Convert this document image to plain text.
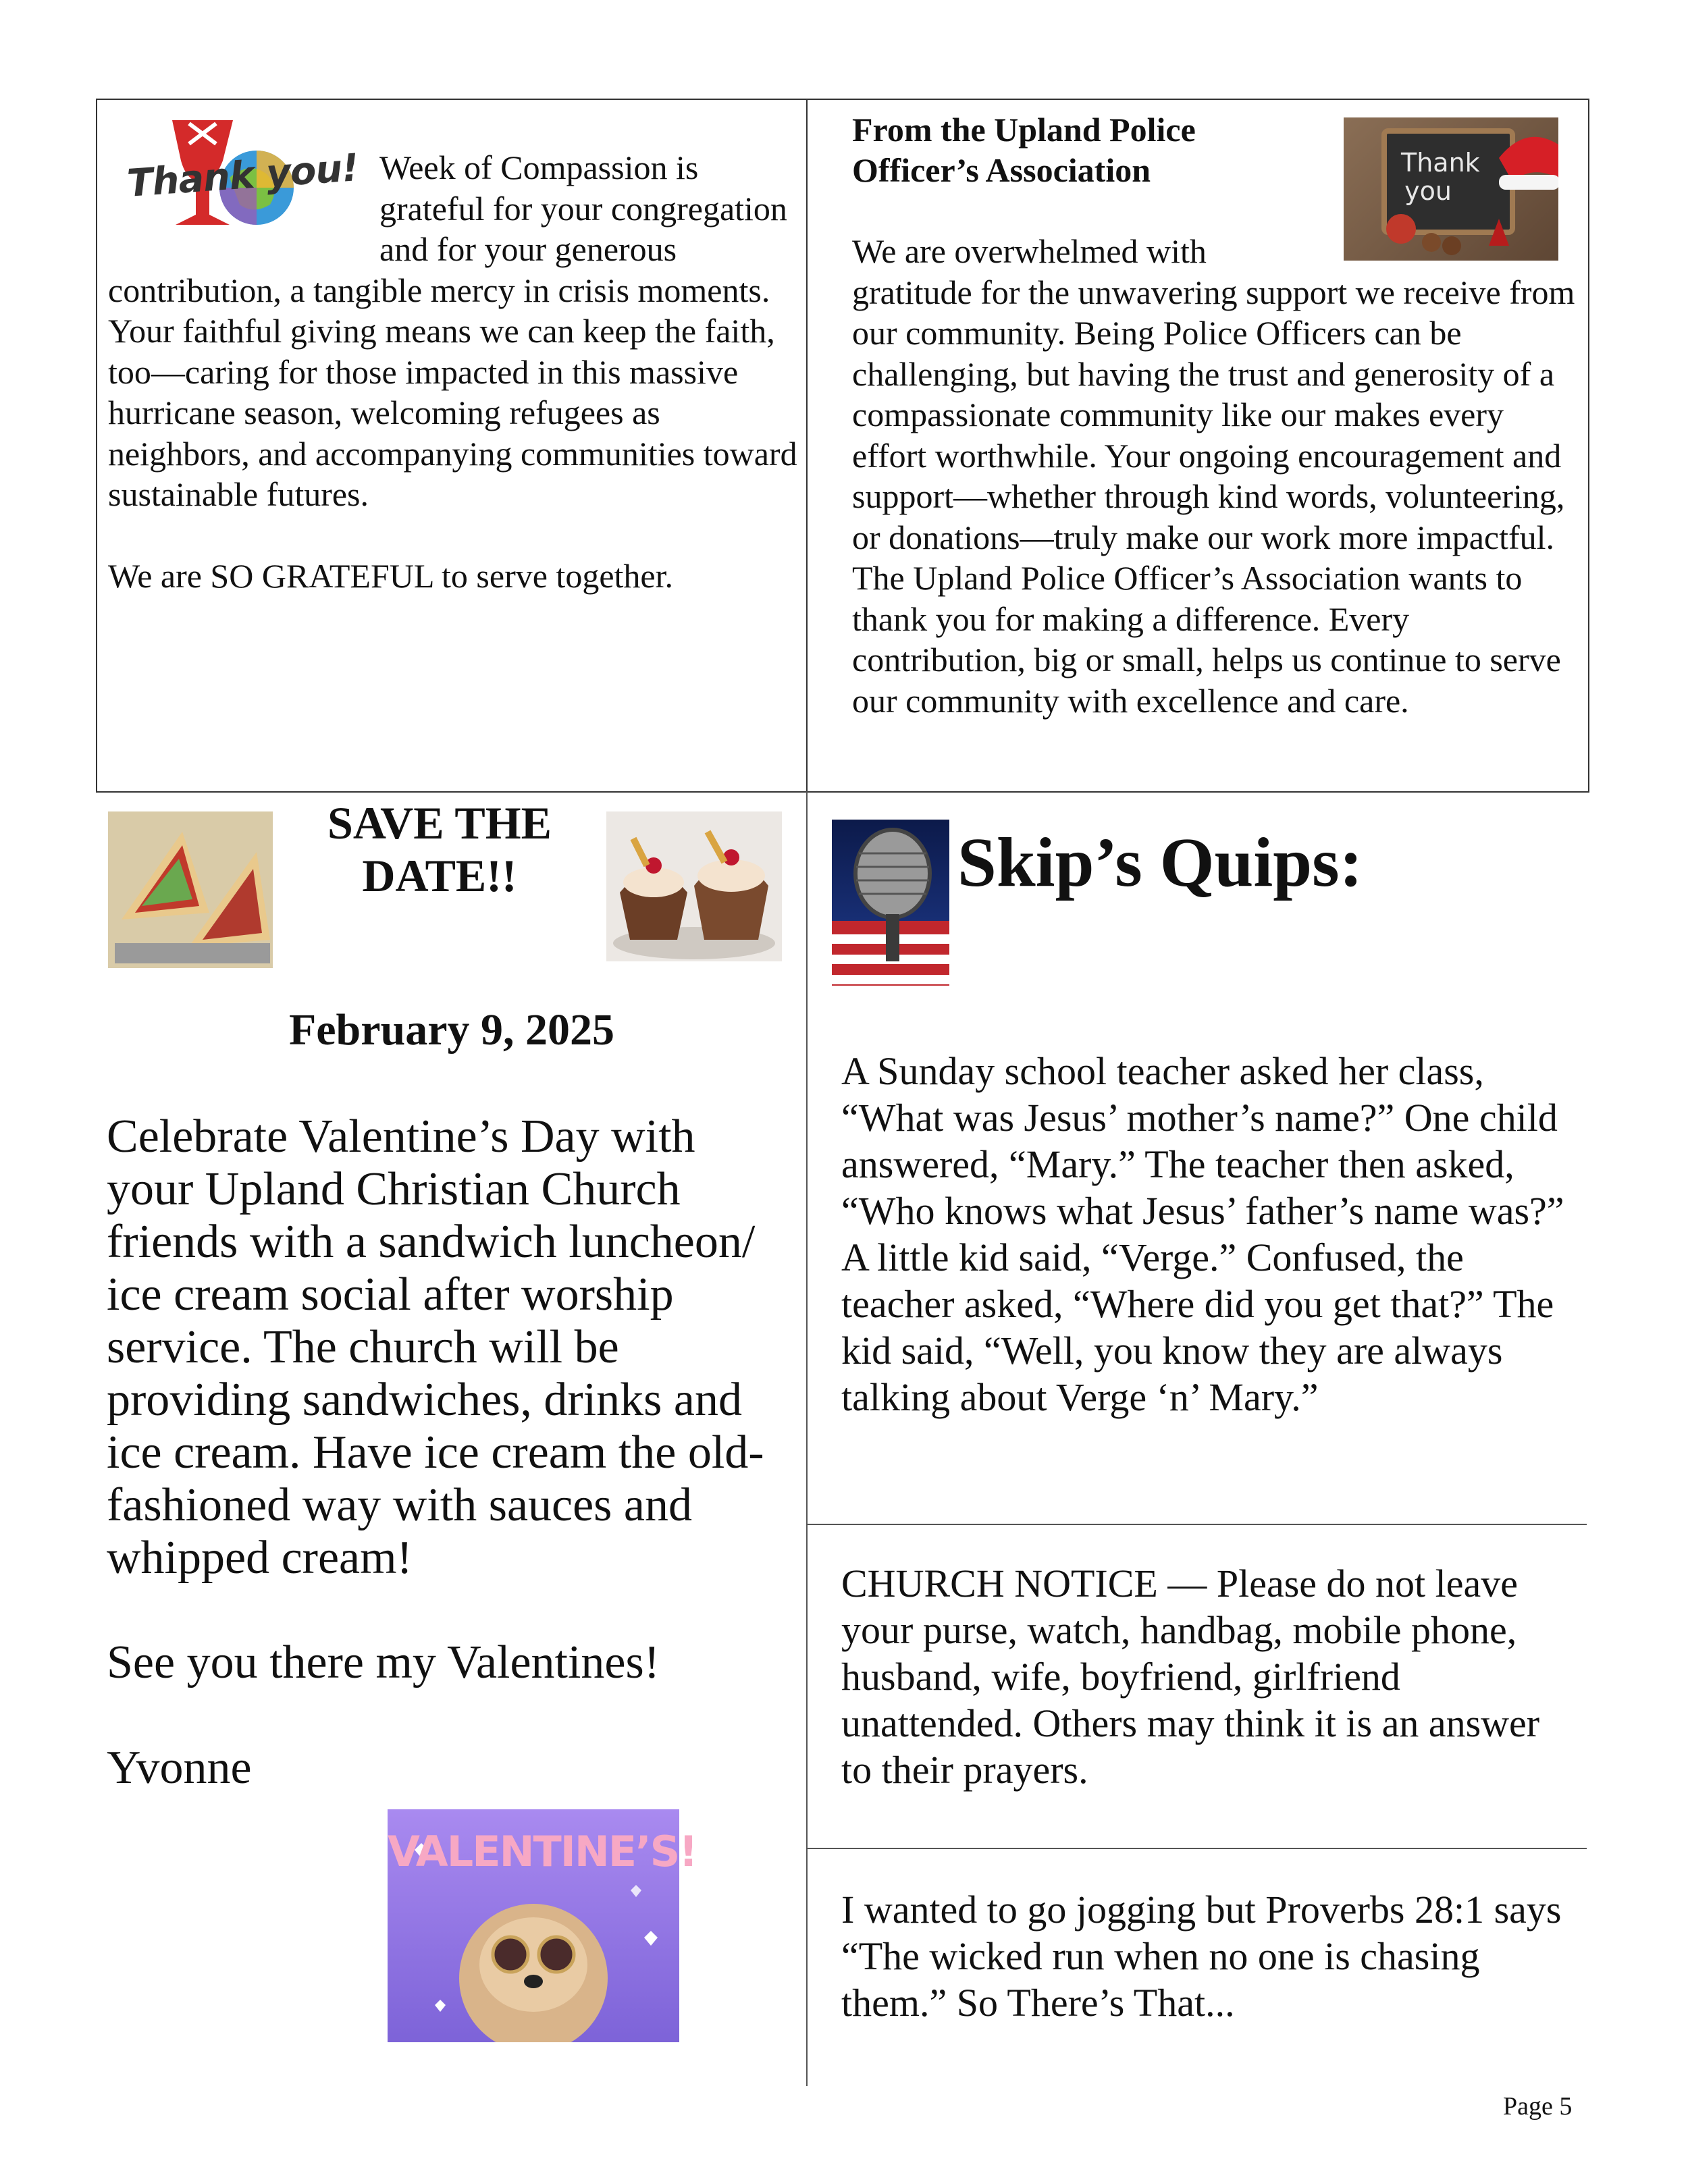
Thank you! Week of Compassion is grateful for your congregation and for your generous contribution, a tangible mercy in crisis moments. Your faithful giving means we can keep the faith, too—caring for those impacted in this massive hurricane season, welcoming refugees as neighbors, and accompanying communities toward sustainable futures.

We are SO GRATEFUL to serve together.

Thank you
From the Upland Police Officer’s Association

We are overwhelmed with gratitude for the unwavering support we receive from our community. Being Police Officers can be challenging, but having the trust and generosity of a compassionate community like our makes every effort worthwhile. Your ongoing encouragement and support—whether through kind words, volunteering, or donations—truly make our work more impactful. The Upland Police Officer’s Association wants to thank you for making a difference. Every contribution, big or small, helps us continue to serve our community with excellence and care.

SAVE THE
DATE!!
February 9, 2025
Celebrate Valentine’s Day with your Upland Christian Church friends with a sandwich luncheon/ ice cream social after worship service. The church will be providing sandwiches, drinks and ice cream. Have ice cream the old-fashioned way with sauces and whipped cream!
See you there my Valentines!
Yvonne
VALENTINE’S!
Skip’s Quips:
A Sunday school teacher asked her class, “What was Jesus’ mother’s name?” One child answered, “Mary.” The teacher then asked, “Who knows what Jesus’ father’s name was?” A little kid said, “Verge.” Confused, the teacher asked, “Where did you get that?” The kid said, “Well, you know they are always talking about Verge ‘n’ Mary.”
CHURCH NOTICE — Please do not leave your purse, watch, handbag, mobile phone, husband, wife, boyfriend, girlfriend unattended. Others may think it is an answer to their prayers.
I wanted to go jogging but Proverbs 28:1 says “The wicked run when no one is chasing them.” So There’s That...
Page 5
